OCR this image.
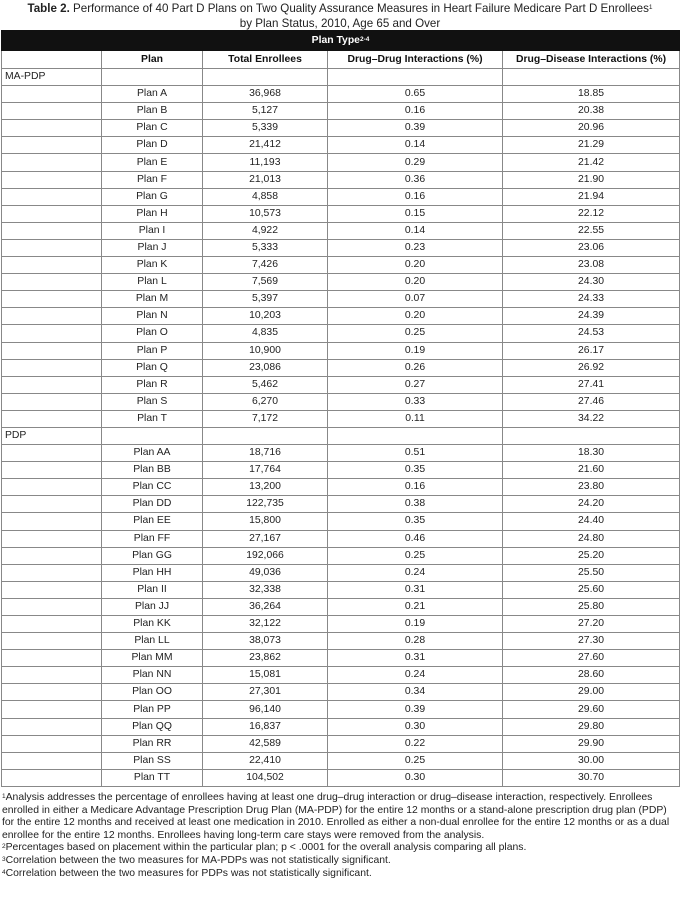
Table 2. Performance of 40 Part D Plans on Two Quality Assurance Measures in Heart Failure Medicare Part D Enrollees$^1$
by Plan Status, 2010, Age 65 and Over
Plan Type$^{2-4}$
	Plan	Total Enrollees	Drug–Drug Interactions (%)	Drug–Disease Interactions (%)
MA-PDP				
	Plan A	36,968	0.65	18.85
	Plan B	5,127	0.16	20.38
	Plan C	5,339	0.39	20.96
	Plan D	21,412	0.14	21.29
	Plan E	11,193	0.29	21.42
	Plan F	21,013	0.36	21.90
	Plan G	4,858	0.16	21.94
	Plan H	10,573	0.15	22.12
	Plan I	4,922	0.14	22.55
	Plan J	5,333	0.23	23.06
	Plan K	7,426	0.20	23.08
	Plan L	7,569	0.20	24.30
	Plan M	5,397	0.07	24.33
	Plan N	10,203	0.20	24.39
	Plan O	4,835	0.25	24.53
	Plan P	10,900	0.19	26.17
	Plan Q	23,086	0.26	26.92
	Plan R	5,462	0.27	27.41
	Plan S	6,270	0.33	27.46
	Plan T	7,172	0.11	34.22
PDP				
	Plan AA	18,716	0.51	18.30
	Plan BB	17,764	0.35	21.60
	Plan CC	13,200	0.16	23.80
	Plan DD	122,735	0.38	24.20
	Plan EE	15,800	0.35	24.40
	Plan FF	27,167	0.46	24.80
	Plan GG	192,066	0.25	25.20
	Plan HH	49,036	0.24	25.50
	Plan II	32,338	0.31	25.60
	Plan JJ	36,264	0.21	25.80
	Plan KK	32,122	0.19	27.20
	Plan LL	38,073	0.28	27.30
	Plan MM	23,862	0.31	27.60
	Plan NN	15,081	0.24	28.60
	Plan OO	27,301	0.34	29.00
	Plan PP	96,140	0.39	29.60
	Plan QQ	16,837	0.30	29.80
	Plan RR	42,589	0.22	29.90
	Plan SS	22,410	0.25	30.00
	Plan TT	104,502	0.30	30.70

$^1$Analysis addresses the percentage of enrollees having at least one drug–drug interaction or drug–disease interaction, respectively. Enrollees enrolled in either a Medicare Advantage Prescription Drug Plan (MA-PDP) for the entire 12 months or a stand-alone prescription drug plan (PDP) for the entire 12 months and received at least one medication in 2010. Enrolled as either a non-dual enrollee for the entire 12 months or as a dual enrollee for the entire 12 months. Enrollees having long-term care stays were removed from the analysis.

$^2$Percentages based on placement within the particular plan; p < .0001 for the overall analysis comparing all plans.

$^3$Correlation between the two measures for MA-PDPs was not statistically significant.

$^4$Correlation between the two measures for PDPs was not statistically significant.
